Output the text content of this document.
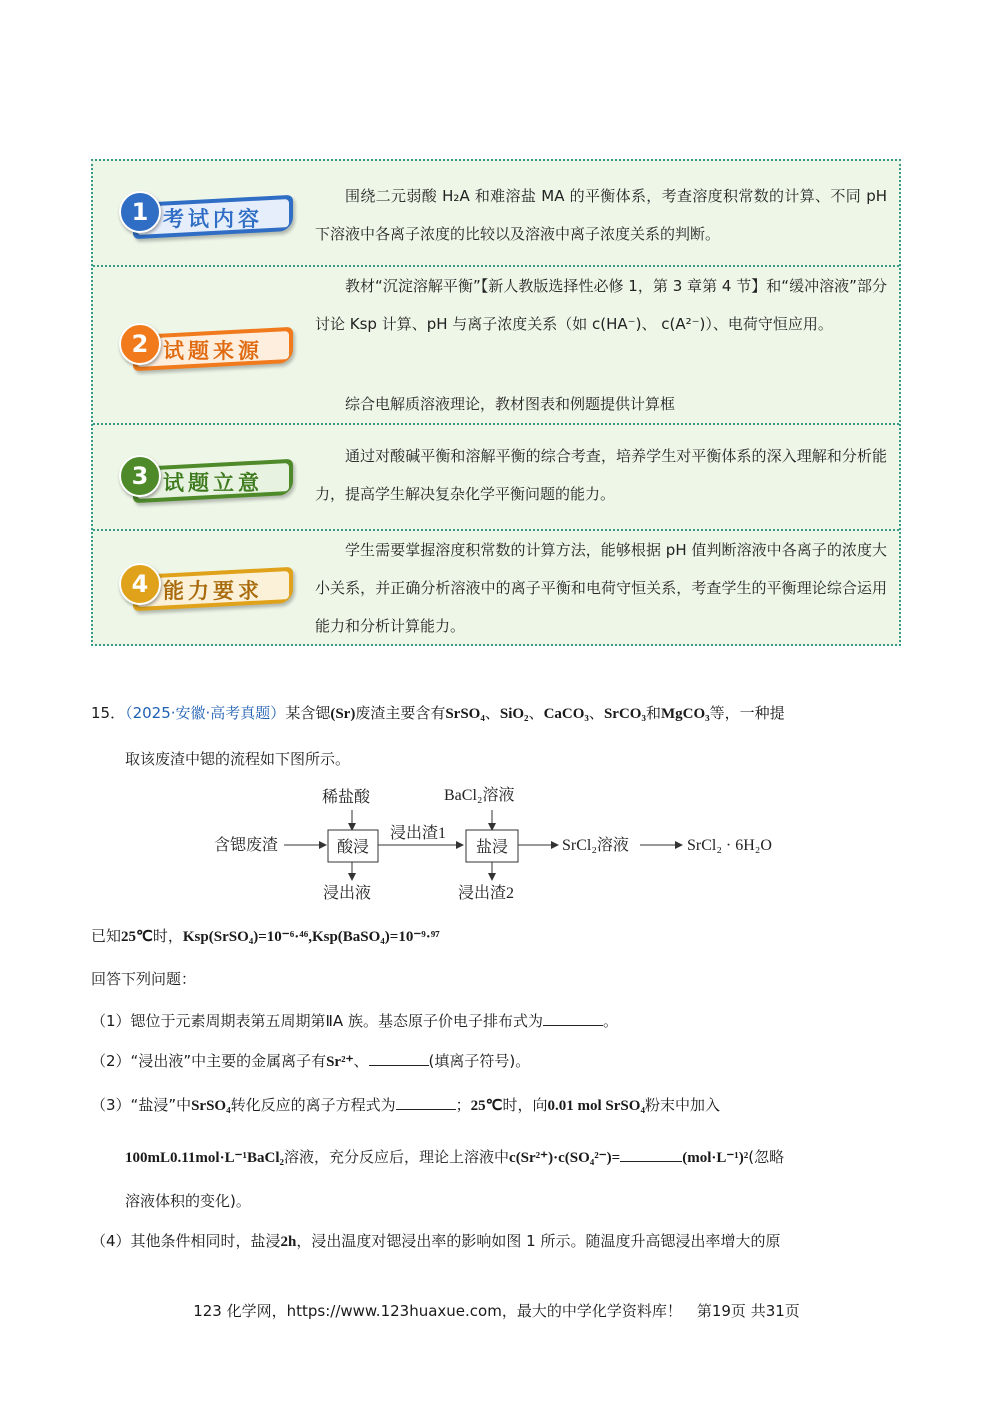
1 考试内容
围绕二元弱酸 H₂A 和难溶盐 MA 的平衡体系，考查溶度积常数的计算、不同 pH 下溶液中各离子浓度的比较以及溶液中离子浓度关系的判断。
2 试题来源
教材“沉淀溶解平衡”【新人教版选择性必修 1，第 3 章第 4 节】和“缓冲溶液”部分讨论 Ksp 计算、pH 与离子浓度关系（如 c(HA⁻)、 c(A²⁻)）、电荷守恒应用。
综合电解质溶液理论，教材图表和例题提供计算框
3 试题立意
通过对酸碱平衡和溶解平衡的综合考查，培养学生对平衡体系的深入理解和分析能力，提高学生解决复杂化学平衡问题的能力。
4 能力要求
学生需要掌握溶度积常数的计算方法，能够根据 pH 值判断溶液中各离子的浓度大小关系，并正确分析溶液中的离子平衡和电荷守恒关系，考查学生的平衡理论综合运用能力和分析计算能力。
15．（2025·安徽·高考真题）某含锶(Sr)废渣主要含有SrSO₄、SiO₂、CaCO₃、SrCO₃和MgCO₃等，一种提
取该废渣中锶的流程如下图所示。
稀盐酸
含锶废渣	酸浸
浸出液
浸出渣1
BaCl₂溶液
盐浸
浸出渣2
SrCl₂溶液	SrCl₂ · 6H₂O
已知25℃时，Ksp(SrSO₄)=10⁻⁶·⁴⁶,Ksp(BaSO₄)=10⁻⁹·⁹⁷
回答下列问题：
（1）锶位于元素周期表第五周期第ⅡA 族。基态原子价电子排布式为	。
（2）“浸出液”中主要的金属离子有Sr²⁺、	(填离子符号)。
（3）“盐浸”中SrSO₄转化反应的离子方程式为	；25℃时，向0.01 mol SrSO₄粉末中加入
100mL0.11mol·L⁻¹BaCl₂溶液，充分反应后，理论上溶液中c(Sr²⁺)·c(SO₄²⁻)=	(mol·L⁻¹)²(忽略
溶液体积的变化)。
（4）其他条件相同时，盐浸2h，浸出温度对锶浸出率的影响如图 1 所示。随温度升高锶浸出率增大的原
123 化学网，https://www.123huaxue.com，最大的中学化学资料库！　第19页 共31页
